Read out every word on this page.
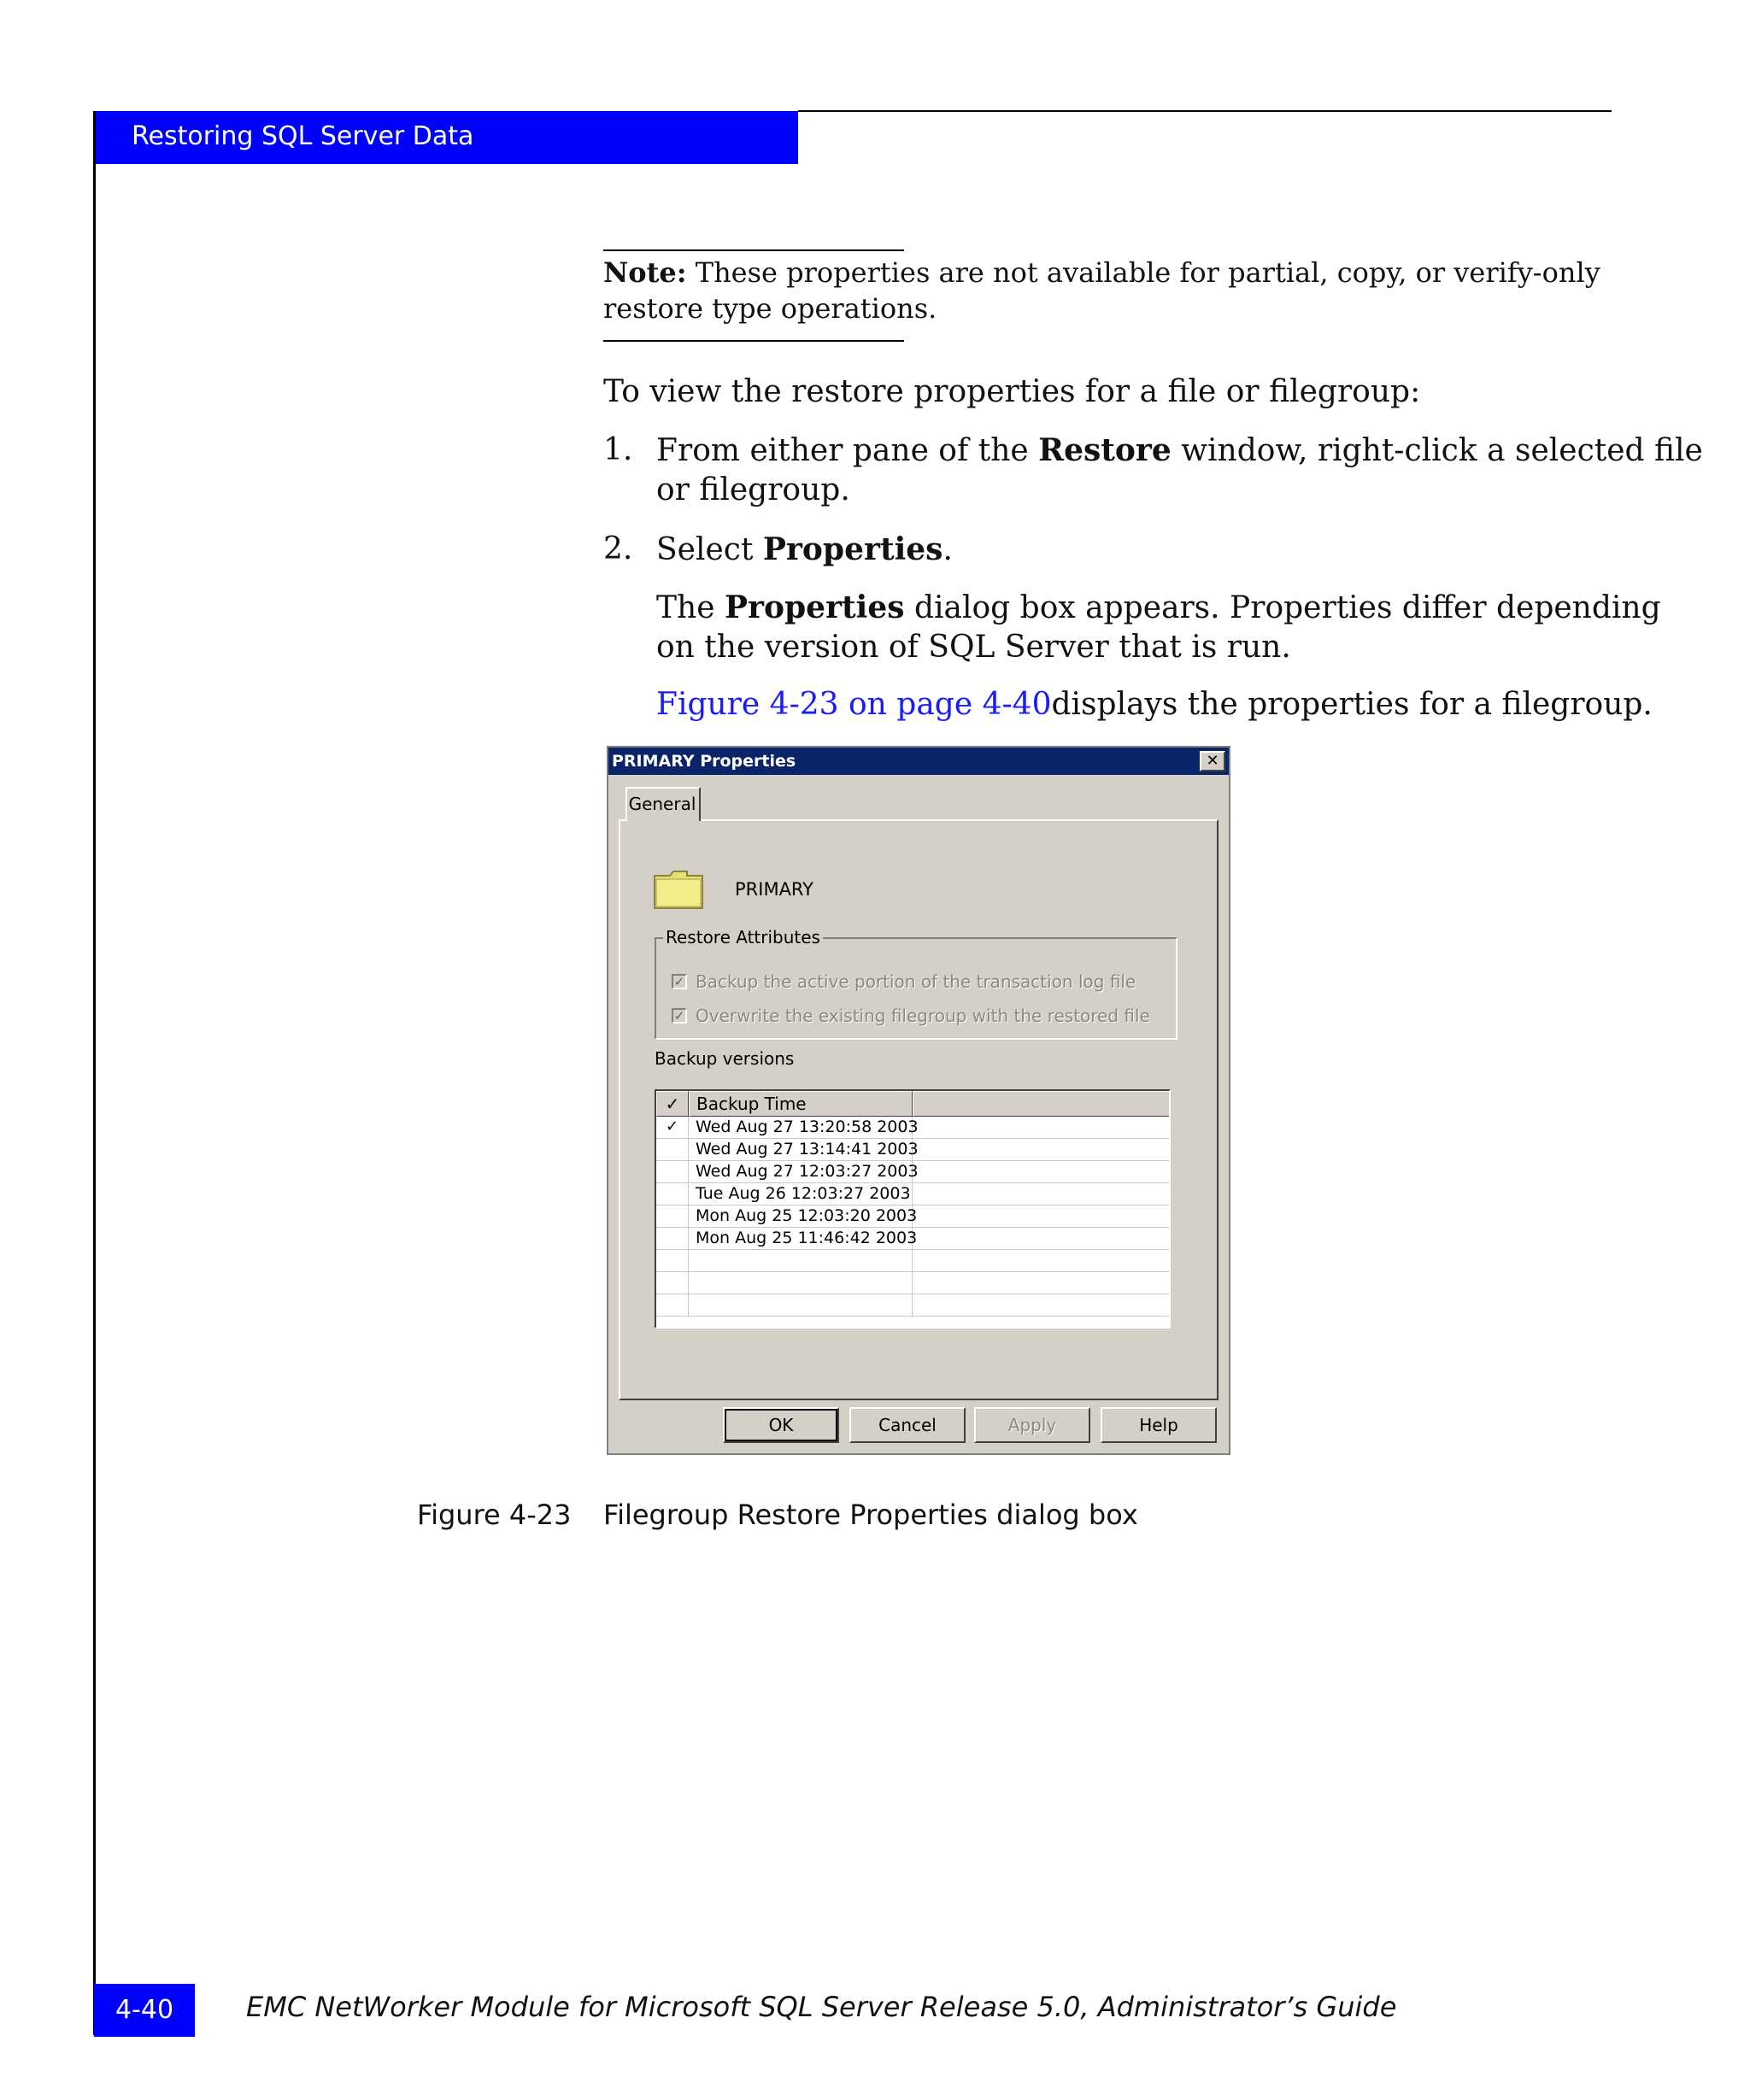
Restoring SQL Server Data
Note: These properties are not available for partial, copy, or verify-only restore type operations.
To view the restore properties for a file or filegroup:
1. From either pane of the Restore window, right-click a selected file
or filegroup.
2. Select Properties.
The Properties dialog box appears. Properties differ depending
on the version of SQL Server that is run.
Figure 4-23 on page 4-40displays the properties for a filegroup.
PRIMARY Properties	✕
General
PRIMARY
Restore Attributes
✓ Backup the active portion of the transaction log file
✓ Overwrite the existing filegroup with the restored file
Backup versions
✓ Backup Time
✓	Wed Aug 27 13:20:58 2003
Wed Aug 27 13:14:41 2003
Wed Aug 27 12:03:27 2003
Tue Aug 26 12:03:27 2003
Mon Aug 25 12:03:20 2003
Mon Aug 25 11:46:42 2003
OK	Cancel	Apply	Help
Figure 4-23 Filegroup Restore Properties dialog box
4-40	EMC NetWorker Module for Microsoft SQL Server Release 5.0, Administrator’s Guide
